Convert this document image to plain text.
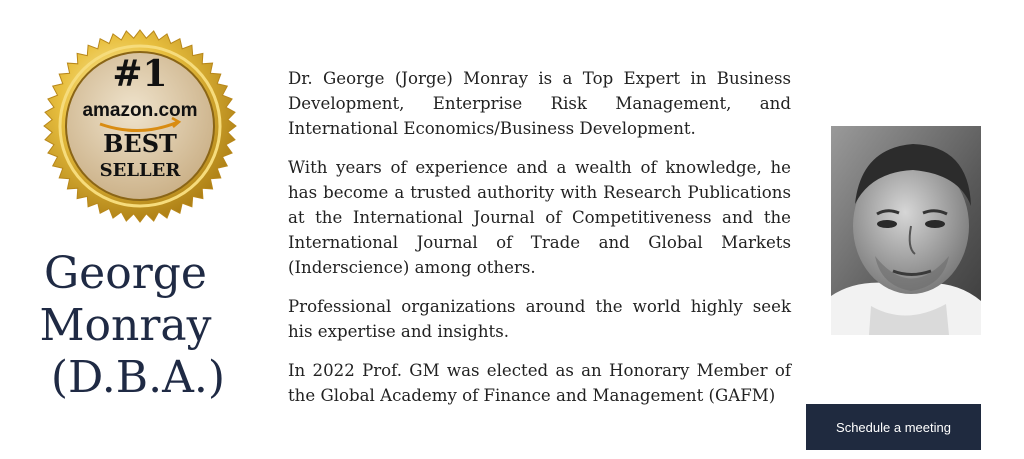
#1
amazon.com
BEST
SELLER
George
Monray
(D.B.A.)

Dr. George (Jorge) Monray is a Top Expert in Business Development, Enterprise Risk Management, and International Economics/Business Development.

With years of experience and a wealth of knowledge, he has become a trusted authority with Research Publications at the International Journal of Competitiveness and the International Journal of Trade and Global Markets (Inderscience) among others.

Professional organizations around the world highly seek his expertise and insights.

In 2022 Prof. GM was elected as an Honorary Member of the Global Academy of Finance and Management (GAFM)

Schedule a meeting
